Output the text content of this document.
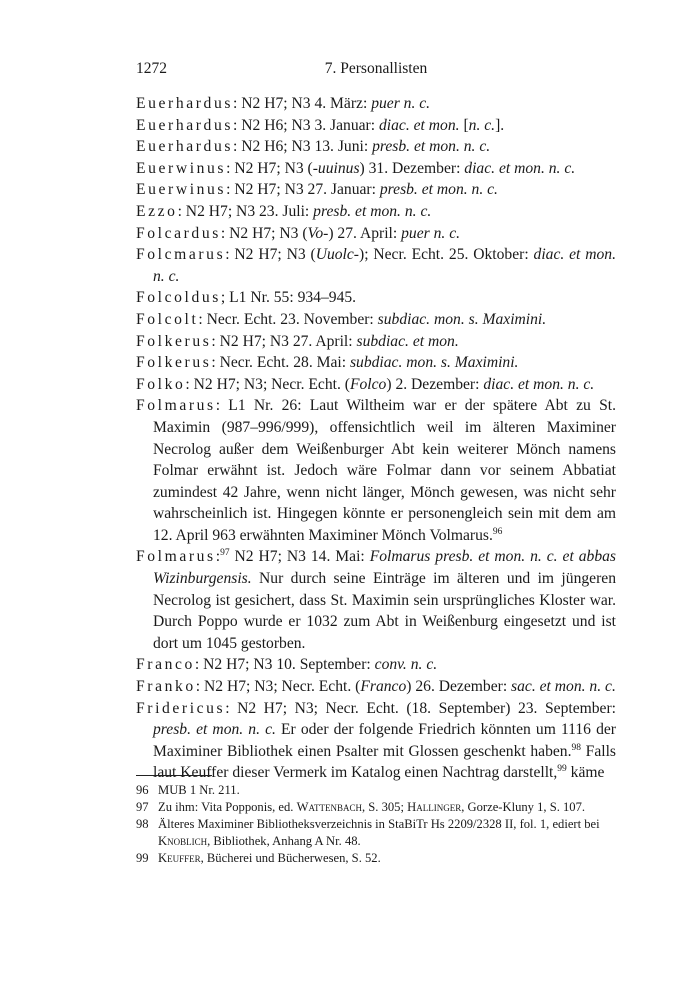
1272	7. Personallisten

Euerhardus: N2 H7; N3 4. März: puer n. c.

Euerhardus: N2 H6; N3 3. Januar: diac. et mon. [n. c.].

Euerhardus: N2 H6; N3 13. Juni: presb. et mon. n. c.

Euerwinus: N2 H7; N3 (-uuinus) 31. Dezember: diac. et mon. n. c.

Euerwinus: N2 H7; N3 27. Januar: presb. et mon. n. c.

Ezzo: N2 H7; N3 23. Juli: presb. et mon. n. c.

Folcardus: N2 H7; N3 (Vo-) 27. April: puer n. c.

Folcmarus: N2 H7; N3 (Uuolc-); Necr. Echt. 25. Oktober: diac. et mon. n. c.

Folcoldus; L1 Nr. 55: 934–945.

Folcolt: Necr. Echt. 23. November: subdiac. mon. s. Maximini.

Folkerus: N2 H7; N3 27. April: subdiac. et mon.

Folkerus: Necr. Echt. 28. Mai: subdiac. mon. s. Maximini.

Folko: N2 H7; N3; Necr. Echt. (Folco) 2. Dezember: diac. et mon. n. c.

Folmarus: L1 Nr. 26: Laut Wiltheim war er der spätere Abt zu St. Maximin (987–996/999), offensichtlich weil im älteren Maximiner Necrolog außer dem Weißenburger Abt kein weiterer Mönch namens Folmar erwähnt ist. Jedoch wäre Folmar dann vor seinem Abbatiat zumindest 42 Jahre, wenn nicht länger, Mönch gewesen, was nicht sehr wahrscheinlich ist. Hingegen könnte er personengleich sein mit dem am 12. April 963 erwähnten Maximiner Mönch Volmarus.$^{96}$

Folmarus:$^{97}$ N2 H7; N3 14. Mai: Folmarus presb. et mon. n. c. et abbas Wizinburgensis. Nur durch seine Einträge im älteren und im jüngeren Necrolog ist gesichert, dass St. Maximin sein ursprüngliches Kloster war. Durch Poppo wurde er 1032 zum Abt in Weißenburg eingesetzt und ist dort um 1045 gestorben.

Franco: N2 H7; N3 10. September: conv. n. c.

Franko: N2 H7; N3; Necr. Echt. (Franco) 26. Dezember: sac. et mon. n. c.

Fridericus: N2 H7; N3; Necr. Echt. (18. September) 23. September: presb. et mon. n. c. Er oder der folgende Friedrich könnten um 1116 der Maximiner Bibliothek einen Psalter mit Glossen geschenkt haben.$^{98}$ Falls laut Keuffer dieser Vermerk im Katalog einen Nachtrag darstellt,$^{99}$ käme

96 MUB 1 Nr. 211.

97 Zu ihm: Vita Popponis, ed. Wattenbach, S. 305; Hallinger, Gorze-Kluny 1, S. 107.

98 Älteres Maximiner Bibliotheksverzeichnis in StaBiTr Hs 2209/2328 II, fol. 1, ediert bei Knoblich, Bibliothek, Anhang A Nr. 48.

99 Keuffer, Bücherei und Bücherwesen, S. 52.
